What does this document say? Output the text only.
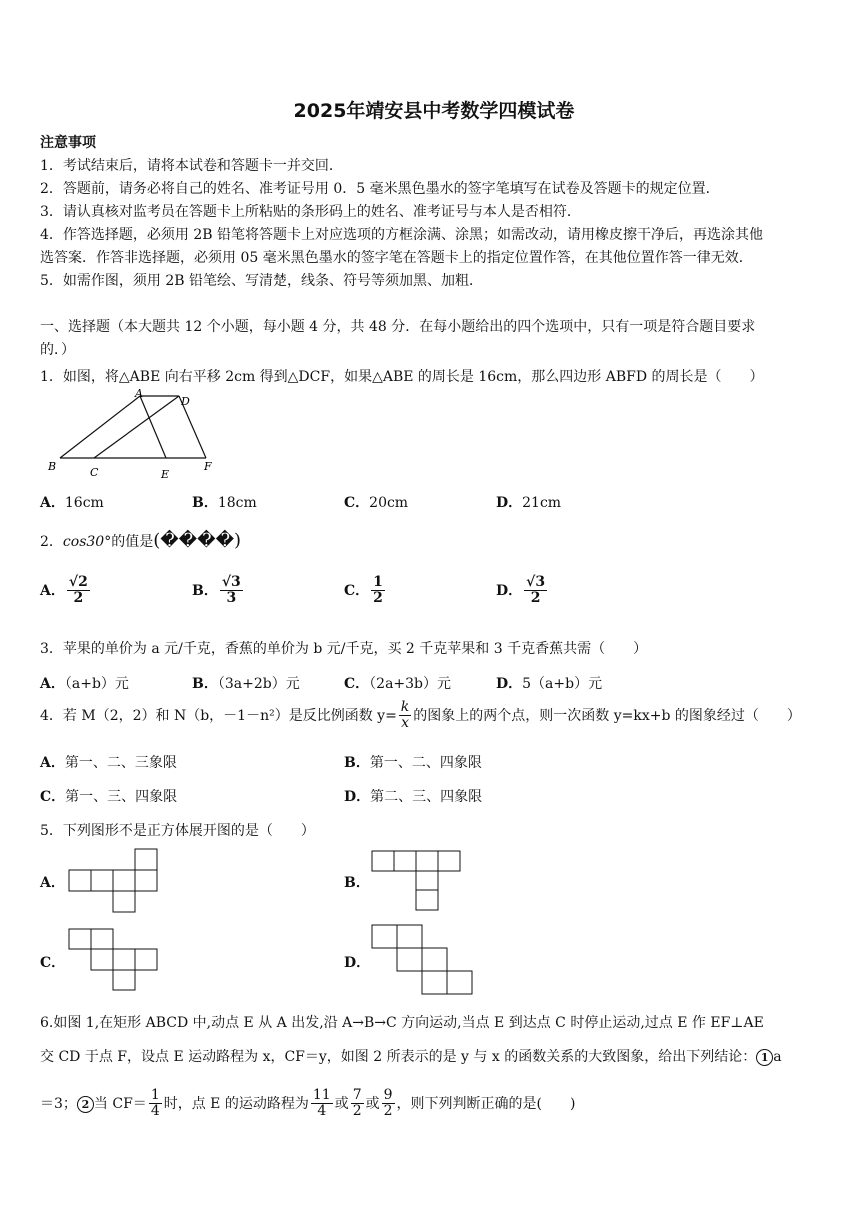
2025年靖安县中考数学四模试卷
注意事项
1．考试结束后，请将本试卷和答题卡一并交回．
2．答题前，请务必将自己的姓名、准考证号用 0．5 毫米黑色墨水的签字笔填写在试卷及答题卡的规定位置．
3．请认真核对监考员在答题卡上所粘贴的条形码上的姓名、准考证号与本人是否相符．
4．作答选择题，必须用 2B 铅笔将答题卡上对应选项的方框涂满、涂黑；如需改动，请用橡皮擦干净后，再选涂其他
选答案．作答非选择题，必须用 05 毫米黑色墨水的签字笔在答题卡上的指定位置作答，在其他位置作答一律无效．
5．如需作图，须用 2B 铅笔绘、写清楚，线条、符号等须加黑、加粗．
一、选择题（本大题共 12 个小题，每小题 4 分，共 48 分．在每小题给出的四个选项中，只有一项是符合题目要求
的．）
1．如图，将△ABE 向右平移 2cm 得到△DCF，如果△ABE 的周长是 16cm，那么四边形 ABFD 的周长是（　　）
A
D
B	C	E
F
A．16cm	B．18cm	C．20cm	D．21cm
2．cos30°的值是(����)
A． $\frac{√2}{2}$	B． $\frac{√3}{3}$	C． $\frac{1}{2}$	D． $\frac{√3}{2}$
3．苹果的单价为 a 元/千克，香蕉的单价为 b 元/千克，买 2 千克苹果和 3 千克香蕉共需（　　）
A．（a+b）元	B．（3a+2b）元	C．（2a+3b）元	D．5（a+b）元
4．若 M（2，2）和 N（b，－1－n²）是反比例函数 $y= \frac{k}{x}$ 的图象上的两个点，则一次函数 y=kx+b 的图象经过（　　）
A．第一、二、三象限	B．第一、二、四象限
C．第一、三、四象限	D．第二、三、四象限
5．下列图形不是正方体展开图的是（　　）
A．	B．
C．	D．
6.如图 1,在矩形 ABCD 中,动点 E 从 A 出发,沿 A→B→C 方向运动,当点 E 到达点 C 时停止运动,过点 E 作 EF⊥AE
交 CD 于点 F，设点 E 运动路程为 x，CF＝y，如图 2 所表示的是 y 与 x 的函数关系的大致图象，给出下列结论： 1 a
＝3； 2 当 $CF= \frac{1}{4}$ 时，点 E 的运动路程为 $\frac{11}{4}$ 或 $\frac{7}{2}$ 或 $\frac{9}{2}$ ，则下列判断正确的是(　　)
